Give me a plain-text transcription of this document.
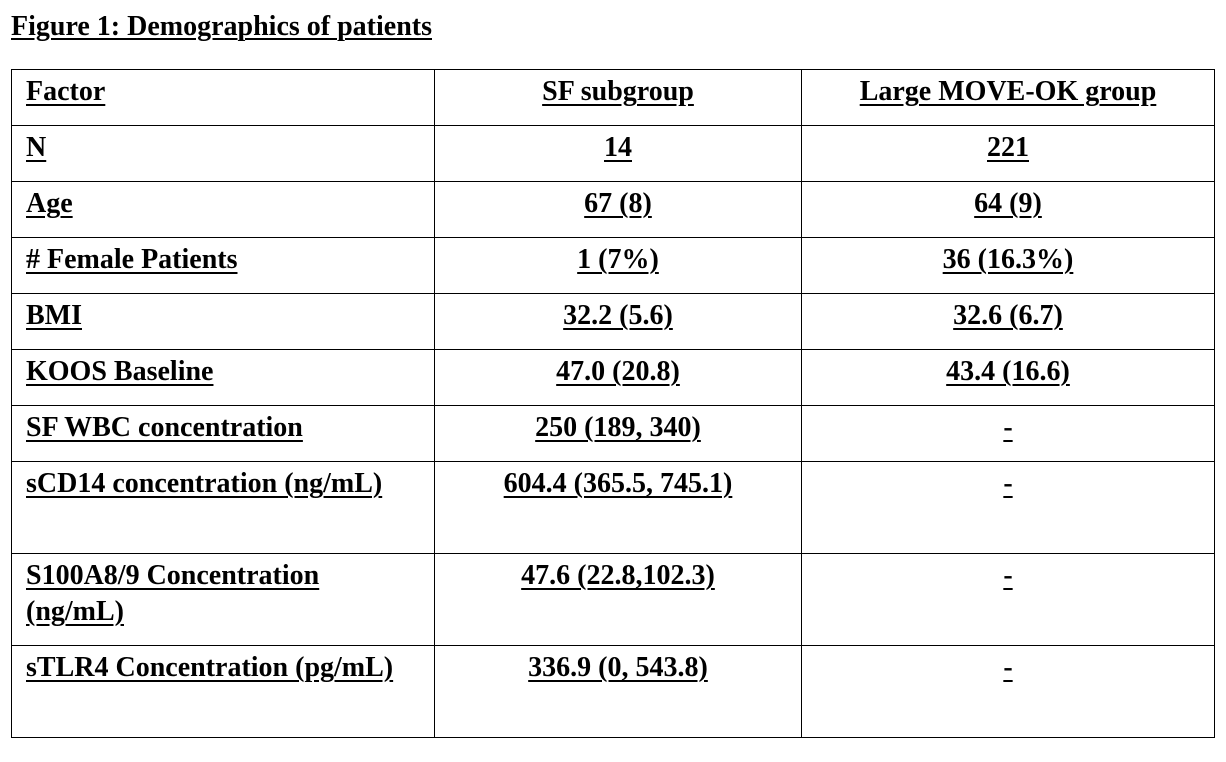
Figure 1: Demographics of patients
Factor	SF subgroup	Large MOVE-OK group
N	14	221
Age	67 (8)	64 (9)
# Female Patients	1 (7%)	36 (16.3%)
BMI	32.2 (5.6)	32.6 (6.7)
KOOS Baseline	47.0 (20.8)	43.4 (16.6)
SF WBC concentration	250 (189, 340)	-
sCD14 concentration (ng/mL)	604.4 (365.5, 745.1)	-
S100A8/9 Concentration (ng/mL)	47.6 (22.8,102.3)	-
sTLR4 Concentration (pg/mL)	336.9 (0, 543.8)	-
